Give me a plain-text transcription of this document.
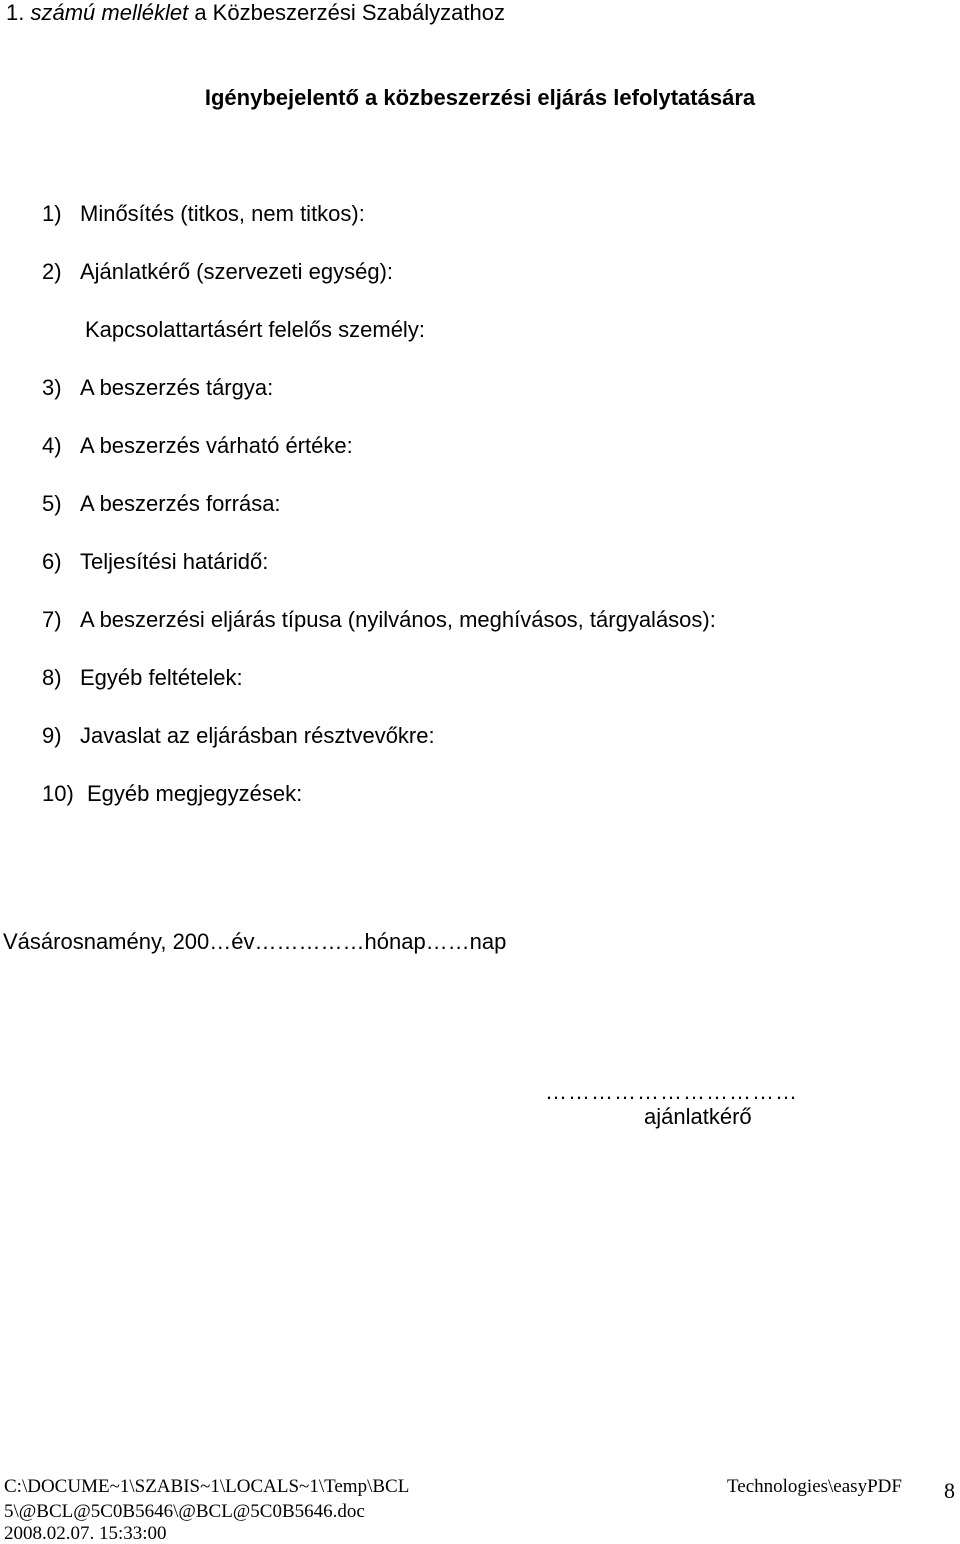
1. számú melléklet a Közbeszerzési Szabályzathoz
Igénybejelentő a közbeszerzési eljárás lefolytatására
1) Minősítés (titkos, nem titkos):
2) Ajánlatkérő (szervezeti egység):
Kapcsolattartásért felelős személy:
3) A beszerzés tárgya:
4) A beszerzés várható értéke:
5) A beszerzés forrása:
6) Teljesítési határidő:
7) A beszerzési eljárás típusa (nyilvános, meghívásos, tárgyalásos):
8) Egyéb feltételek:
9) Javaslat az eljárásban résztvevőkre:
10) Egyéb megjegyzések:
Vásárosnamény, 200…év……………hónap……nap
……………………………
ajánlatkérő
C:\DOCUME~1\SZABIS~1\LOCALS~1\Temp\BCL
5\@BCL@5C0B5646\@BCL@5C0B5646.doc
2008.02.07. 15:33:00
Technologies\easyPDF 8
